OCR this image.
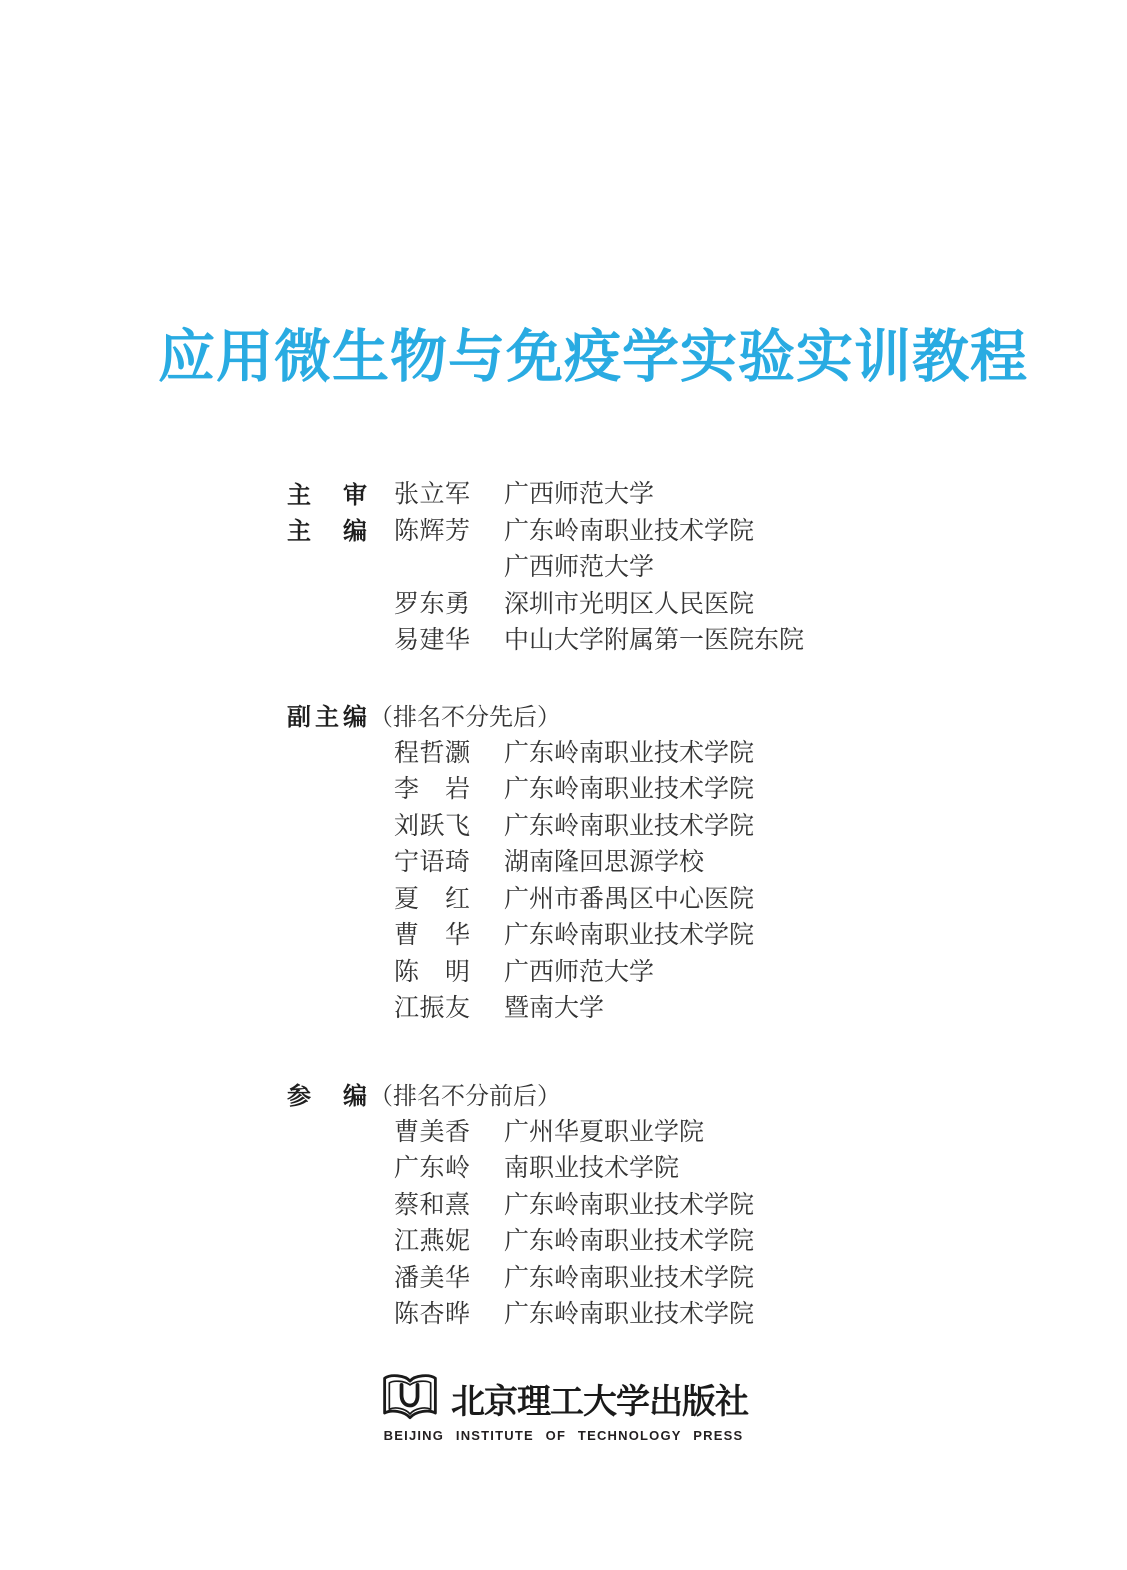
应用微生物与免疫学实验实训教程
主审 张立军 广西师范大学
主编 陈辉芳 广东岭南职业技术学院
广西师范大学
罗东勇 深圳市光明区人民医院
易建华 中山大学附属第一医院东院
副主编 （排名不分先后）
程哲灏 广东岭南职业技术学院
李岩 广东岭南职业技术学院
刘跃飞 广东岭南职业技术学院
宁语琦 湖南隆回思源学校
夏红 广州市番禺区中心医院
曹华 广东岭南职业技术学院
陈明 广西师范大学
江振友 暨南大学
参编 （排名不分前后）
曹美香 广州华夏职业学院
广东岭 南职业技术学院
蔡和熹 广东岭南职业技术学院
江燕妮 广东岭南职业技术学院
潘美华 广东岭南职业技术学院
陈杏晔 广东岭南职业技术学院
北京理工大学出版社
BEIJING INSTITUTE OF TECHNOLOGY PRESS
